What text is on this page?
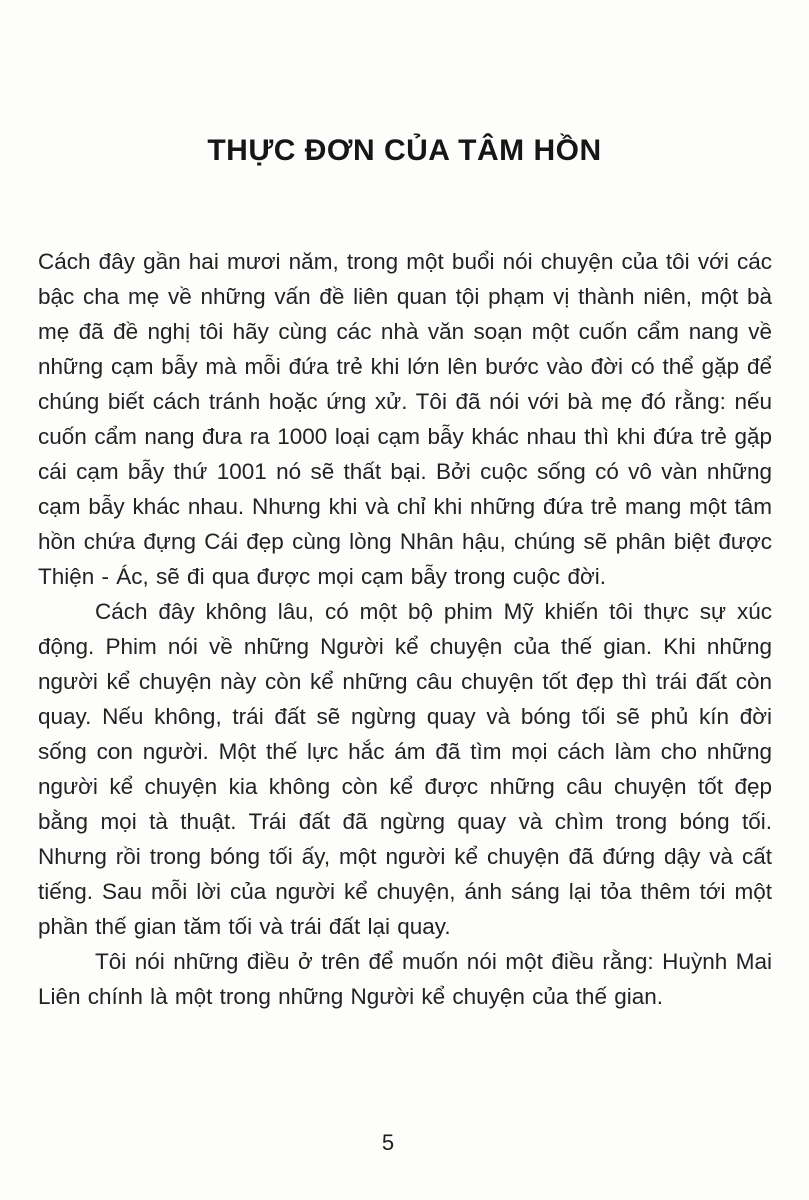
THỰC ĐƠN CỦA TÂM HỒN

Cách đây gần hai mươi năm, trong một buổi nói chuyện của tôi với các bậc cha mẹ về những vấn đề liên quan tội phạm vị thành niên, một bà mẹ đã đề nghị tôi hãy cùng các nhà văn soạn một cuốn cẩm nang về những cạm bẫy mà mỗi đứa trẻ khi lớn lên bước vào đời có thể gặp để chúng biết cách tránh hoặc ứng xử. Tôi đã nói với bà mẹ đó rằng: nếu cuốn cẩm nang đưa ra 1000 loại cạm bẫy khác nhau thì khi đứa trẻ gặp cái cạm bẫy thứ 1001 nó sẽ thất bại. Bởi cuộc sống có vô vàn những cạm bẫy khác nhau. Nhưng khi và chỉ khi những đứa trẻ mang một tâm hồn chứa đựng Cái đẹp cùng lòng Nhân hậu, chúng sẽ phân biệt được Thiện - Ác, sẽ đi qua được mọi cạm bẫy trong cuộc đời.

Cách đây không lâu, có một bộ phim Mỹ khiến tôi thực sự xúc động. Phim nói về những Người kể chuyện của thế gian. Khi những người kể chuyện này còn kể những câu chuyện tốt đẹp thì trái đất còn quay. Nếu không, trái đất sẽ ngừng quay và bóng tối sẽ phủ kín đời sống con người. Một thế lực hắc ám đã tìm mọi cách làm cho những người kể chuyện kia không còn kể được những câu chuyện tốt đẹp bằng mọi tà thuật. Trái đất đã ngừng quay và chìm trong bóng tối. Nhưng rồi trong bóng tối ấy, một người kể chuyện đã đứng dậy và cất tiếng. Sau mỗi lời của người kể chuyện, ánh sáng lại tỏa thêm tới một phần thế gian tăm tối và trái đất lại quay.

Tôi nói những điều ở trên để muốn nói một điều rằng: Huỳnh Mai Liên chính là một trong những Người kể chuyện của thế gian.

5
